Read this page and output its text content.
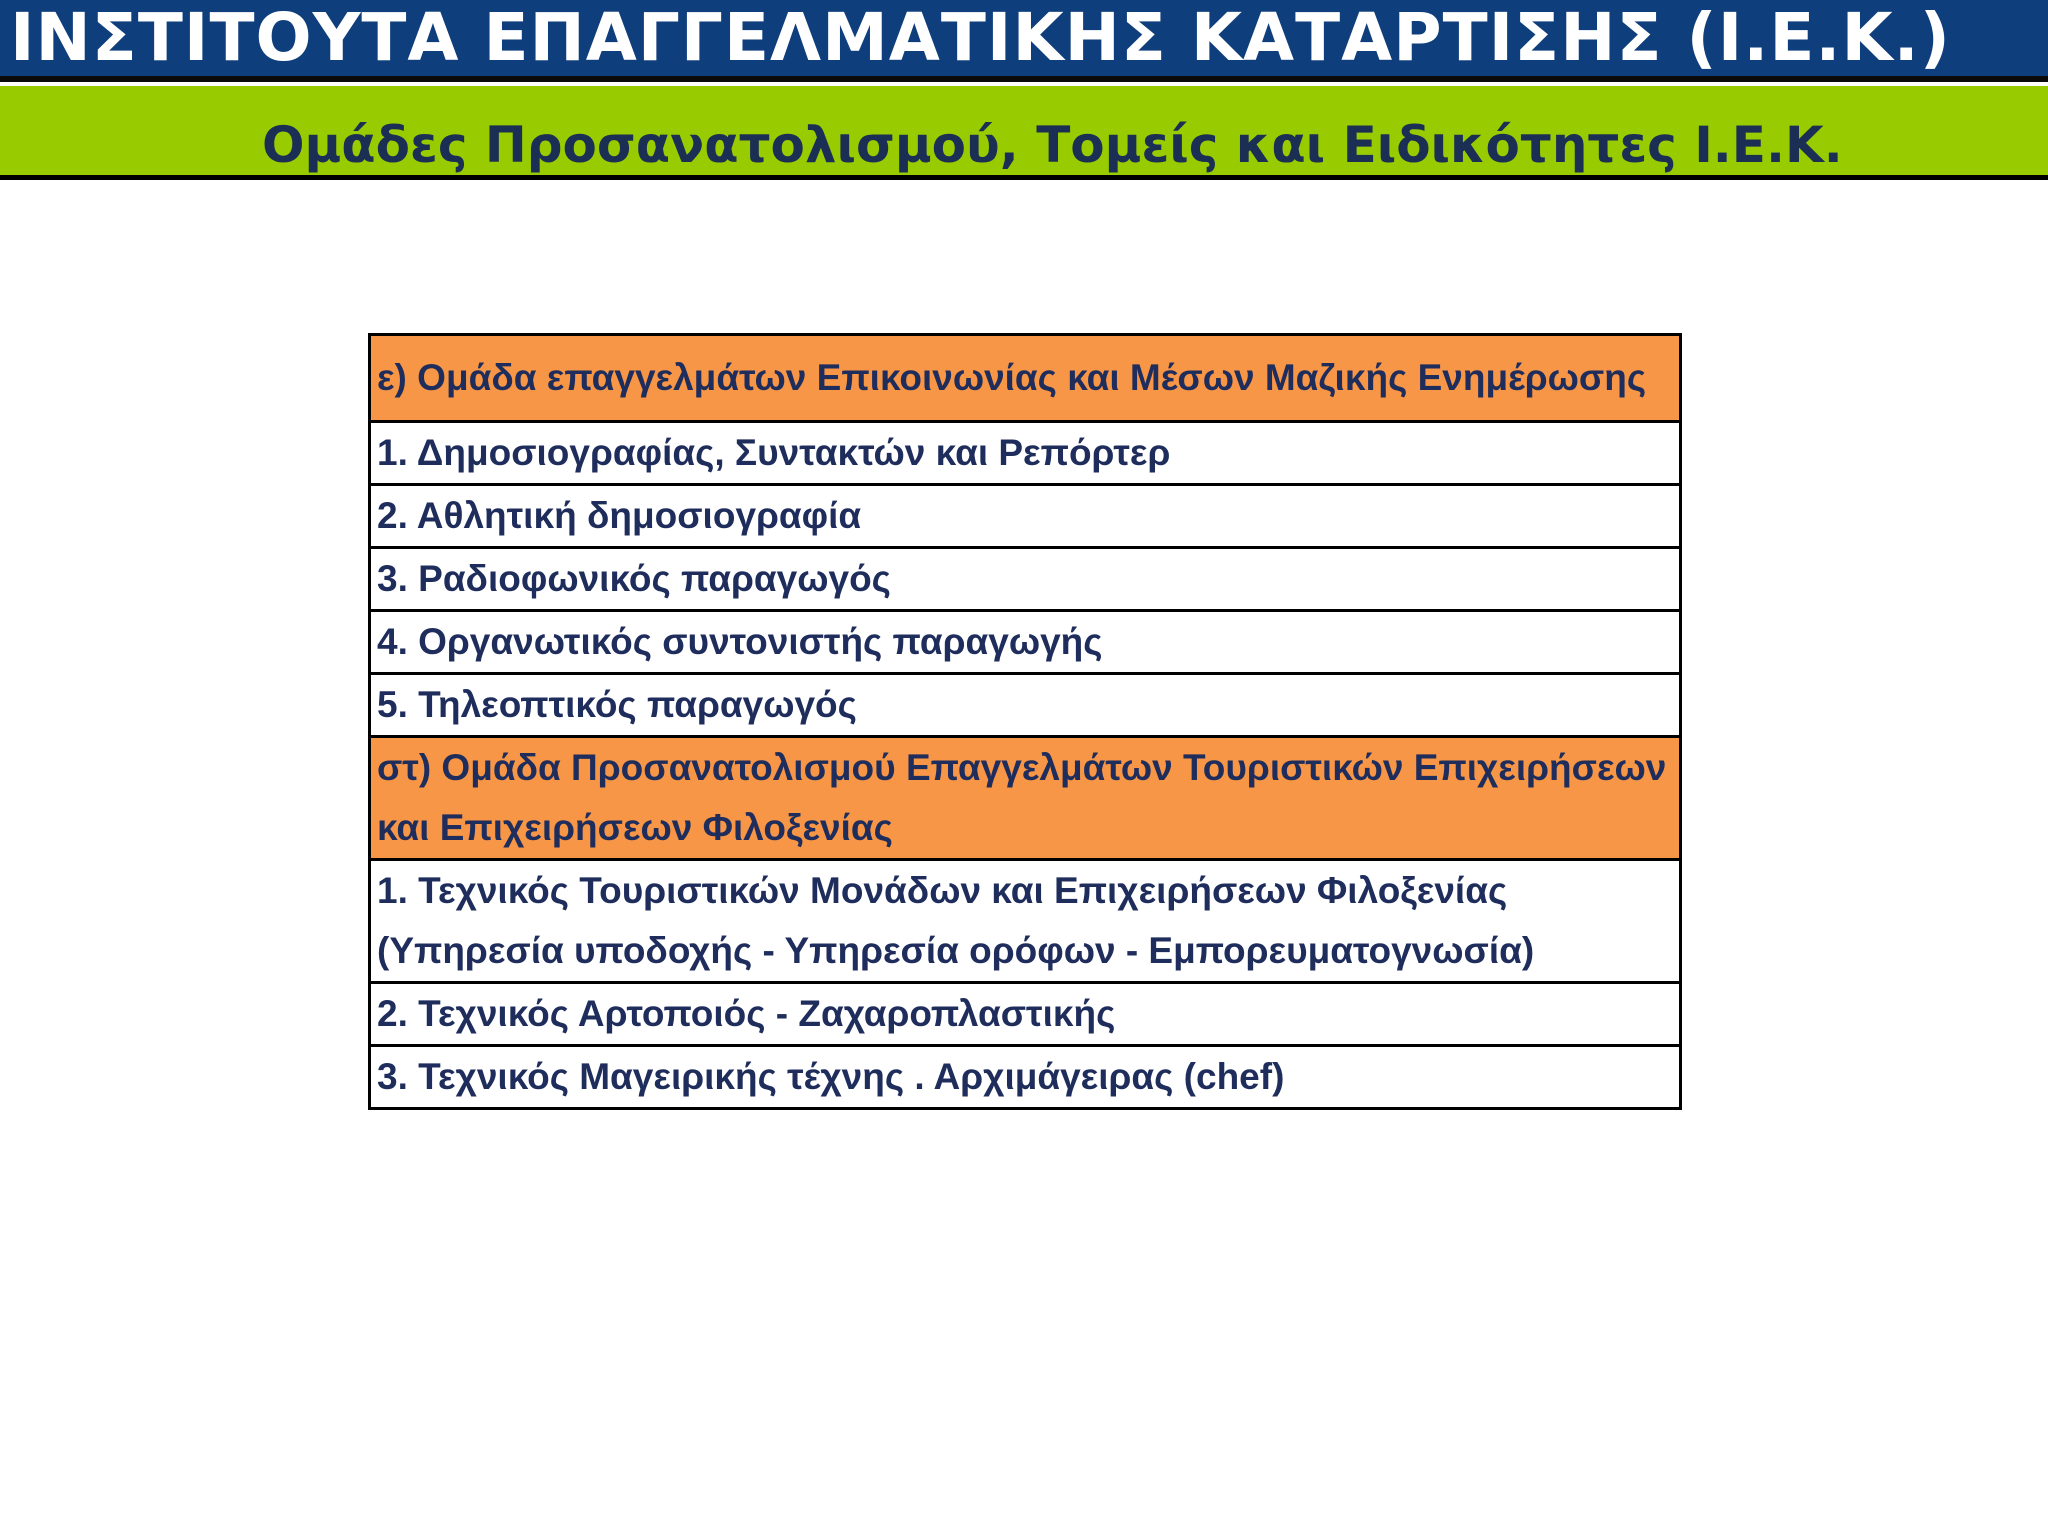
ΙΝΣΤΙΤΟΥΤΑ ΕΠΑΓΓΕΛΜΑΤΙΚΗΣ ΚΑΤΑΡΤΙΣΗΣ (Ι.Ε.Κ.)
Ομάδες Προσανατολισμού, Τομείς και Ειδικότητες Ι.Ε.Κ.
ε) Ομάδα επαγγελμάτων Επικοινωνίας και Μέσων Μαζικής Ενημέρωσης
1. Δημοσιογραφίας, Συντακτών και Ρεπόρτερ
2. Αθλητική δημοσιογραφία
3. Ραδιοφωνικός παραγωγός
4. Οργανωτικός συντονιστής παραγωγής
5. Τηλεοπτικός παραγωγός

στ) Ομάδα Προσανατολισμού Επαγγελμάτων Τουριστικών Επιχειρήσεων
και Επιχειρήσεων Φιλοξενίας

1. Τεχνικός Τουριστικών Μονάδων και Επιχειρήσεων Φιλοξενίας
(Υπηρεσία υποδοχής - Υπηρεσία ορόφων - Εμπορευματογνωσία)

2. Τεχνικός Αρτοποιός - Ζαχαροπλαστικής
3. Τεχνικός Μαγειρικής τέχνης . Αρχιμάγειρας (chef)
